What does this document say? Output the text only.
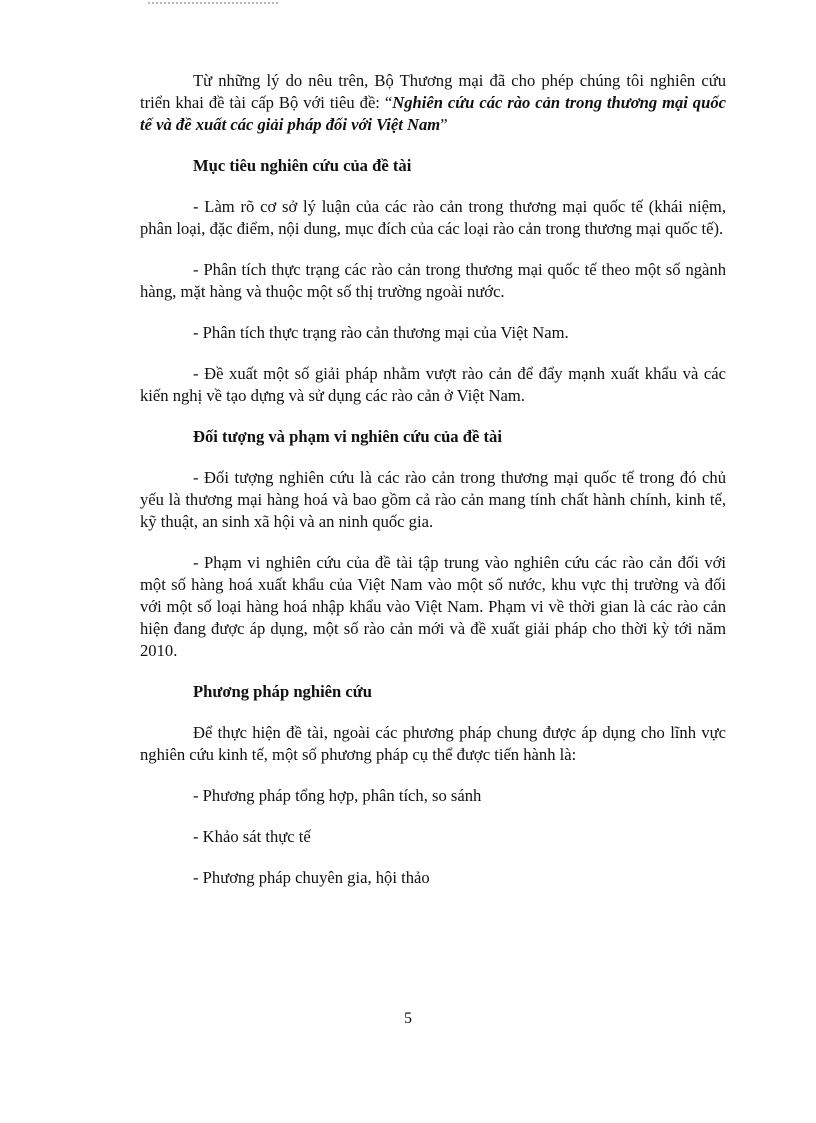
Từ những lý do nêu trên, Bộ Thương mại đã cho phép chúng tôi nghiên cứu triển khai đề tài cấp Bộ với tiêu đề: “Nghiên cứu các rào cản trong thương mại quốc tế và đề xuất các giải pháp đối với Việt Nam”

Mục tiêu nghiên cứu của đề tài

- Làm rõ cơ sở lý luận của các rào cản trong thương mại quốc tế (khái niệm, phân loại, đặc điểm, nội dung, mục đích của các loại rào cản trong thương mại quốc tế).

- Phân tích thực trạng các rào cản trong thương mại quốc tế theo một số ngành hàng, mặt hàng và thuộc một số thị trường ngoài nước.

- Phân tích thực trạng rào cản thương mại của Việt Nam.

- Đề xuất một số giải pháp nhằm vượt rào cản để đẩy mạnh xuất khẩu và các kiến nghị về tạo dựng và sử dụng các rào cản ở Việt Nam.

Đối tượng và phạm vi nghiên cứu của đề tài

- Đối tượng nghiên cứu là các rào cản trong thương mại quốc tế trong đó chủ yếu là thương mại hàng hoá và bao gồm cả rào cản mang tính chất hành chính, kinh tế, kỹ thuật, an sinh xã hội và an ninh quốc gia.

- Phạm vi nghiên cứu của đề tài tập trung vào nghiên cứu các rào cản đối với một số hàng hoá xuất khẩu của Việt Nam vào một số nước, khu vực thị trường và đối với một số loại hàng hoá nhập khẩu vào Việt Nam. Phạm vi về thời gian là các rào cản hiện đang được áp dụng, một số rào cản mới và đề xuất giải pháp cho thời kỳ tới năm 2010.

Phương pháp nghiên cứu

Để thực hiện đề tài, ngoài các phương pháp chung được áp dụng cho lĩnh vực nghiên cứu kinh tế, một số phương pháp cụ thể được tiến hành là:

- Phương pháp tổng hợp, phân tích, so sánh
- Khảo sát thực tế
- Phương pháp chuyên gia, hội thảo
5
